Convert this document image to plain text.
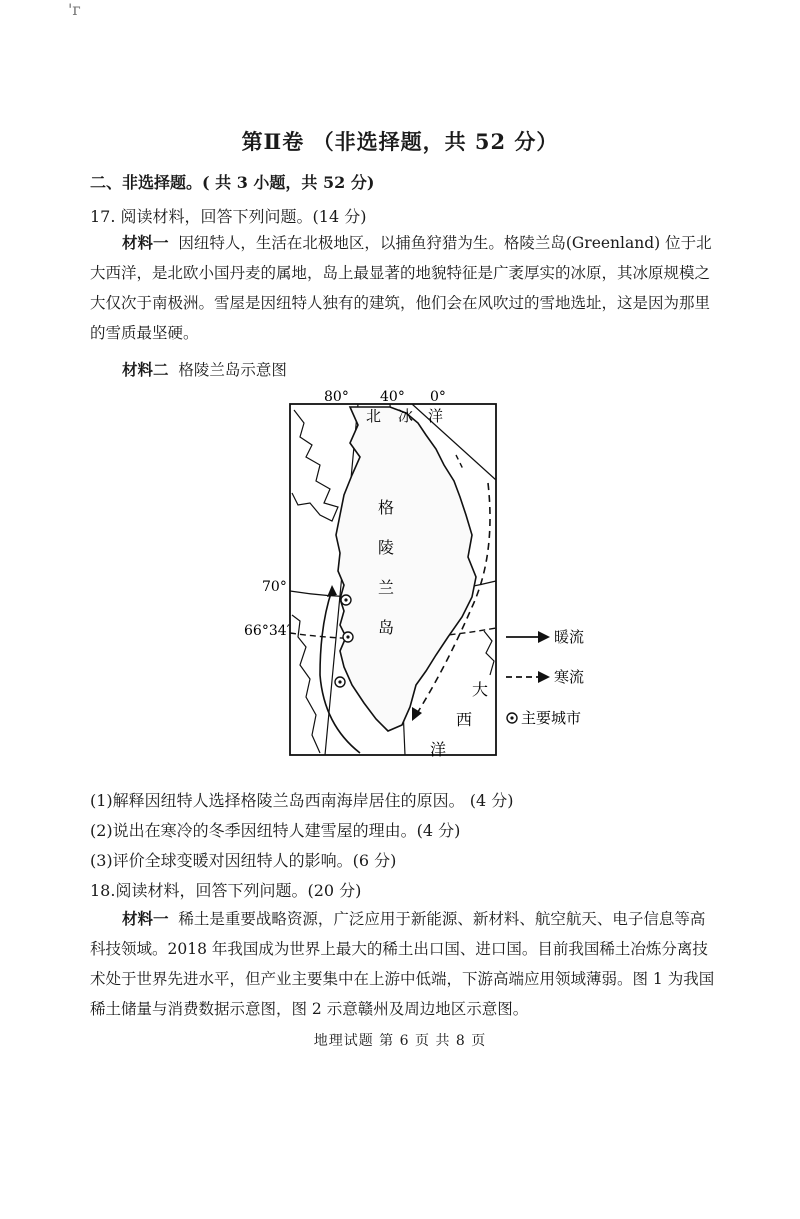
'г
第Ⅱ卷 （非选择题，共 52 分）
二、非选择题。( 共 3 小题，共 52 分)
17. 阅读材料，回答下列问题。(14 分)
材料一 因纽特人，生活在北极地区，以捕鱼狩猎为生。格陵兰岛(Greenland) 位于北大西洋，是北欧小国丹麦的属地，岛上最显著的地貌特征是广袤厚实的冰原，其冰原规模之大仅次于南极洲。雪屋是因纽特人独有的建筑，他们会在风吹过的雪地选址，这是因为那里的雪质最坚硬。
材料二 格陵兰岛示意图
80° 40° 0°
70°
66°34′
北 冰 洋
格
陵
兰
岛
大
西
洋
暖流
寒流
主要城市
(1)解释因纽特人选择格陵兰岛西南海岸居住的原因。 (4 分)
(2)说出在寒冷的冬季因纽特人建雪屋的理由。(4 分)
(3)评价全球变暖对因纽特人的影响。(6 分)
18.阅读材料，回答下列问题。(20 分)
材料一 稀土是重要战略资源，广泛应用于新能源、新材料、航空航天、电子信息等高科技领域。2018 年我国成为世界上最大的稀土出口国、进口国。目前我国稀土冶炼分离技术处于世界先进水平，但产业主要集中在上游中低端，下游高端应用领域薄弱。图 1 为我国稀土储量与消费数据示意图，图 2 示意赣州及周边地区示意图。
地理试题 第 6 页 共 8 页
